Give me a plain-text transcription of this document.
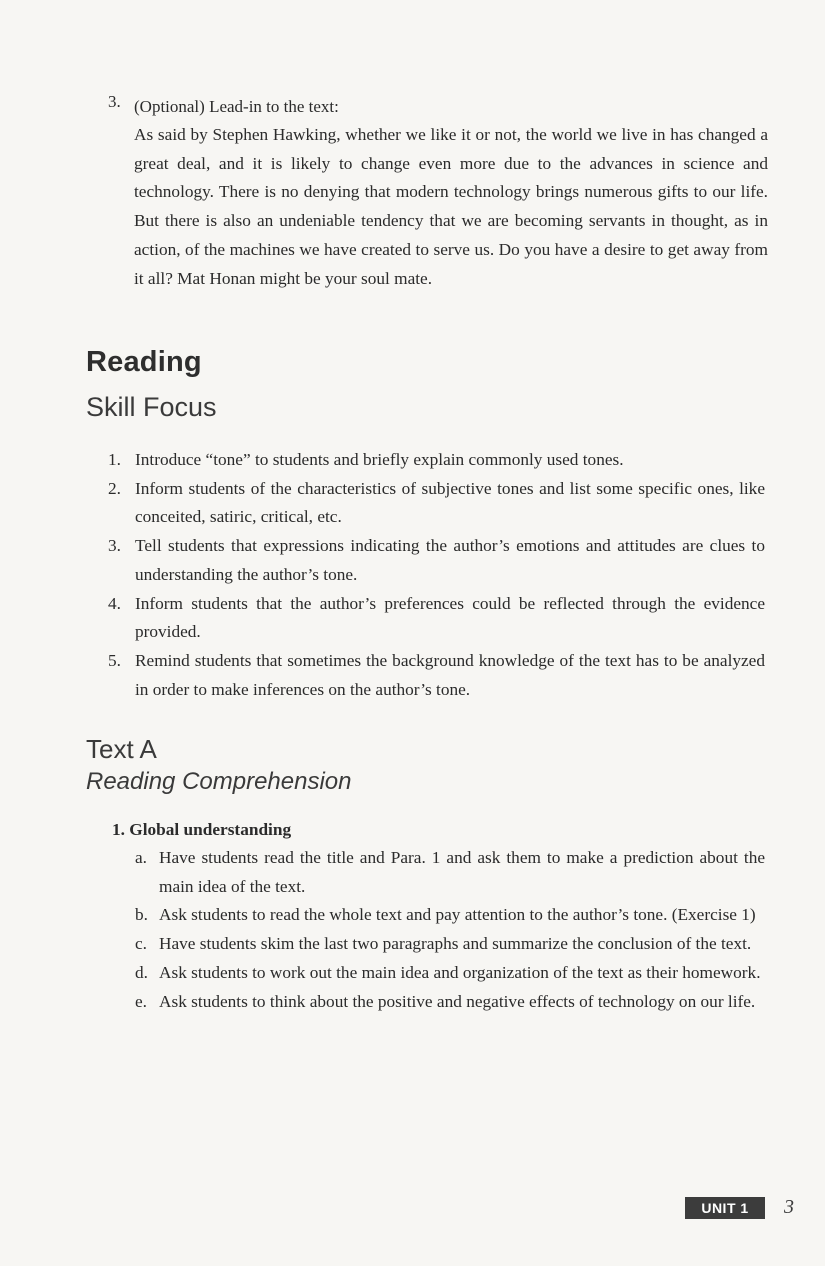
3. (Optional) Lead-in to the text:
As said by Stephen Hawking, whether we like it or not, the world we live in has changed a great deal, and it is likely to change even more due to the advances in science and technology. There is no denying that modern technology brings numerous gifts to our life. But there is also an undeniable tendency that we are becoming servants in thought, as in action, of the machines we have created to serve us. Do you have a desire to get away from it all? Mat Honan might be your soul mate.
Reading
Skill Focus
1. Introduce “tone” to students and briefly explain commonly used tones.
2. Inform students of the characteristics of subjective tones and list some specific ones, like conceited, satiric, critical, etc.
3. Tell students that expressions indicating the author’s emotions and attitudes are clues to understanding the author’s tone.
4. Inform students that the author’s preferences could be reflected through the evidence provided.
5. Remind students that sometimes the background knowledge of the text has to be analyzed in order to make inferences on the author’s tone.
Text A
Reading Comprehension
1. Global understanding
a. Have students read the title and Para. 1 and ask them to make a prediction about the main idea of the text.
b. Ask students to read the whole text and pay attention to the author’s tone. (Exercise 1)
c. Have students skim the last two paragraphs and summarize the conclusion of the text.
d. Ask students to work out the main idea and organization of the text as their homework.
e. Ask students to think about the positive and negative effects of technology on our life.
UNIT 1	3
